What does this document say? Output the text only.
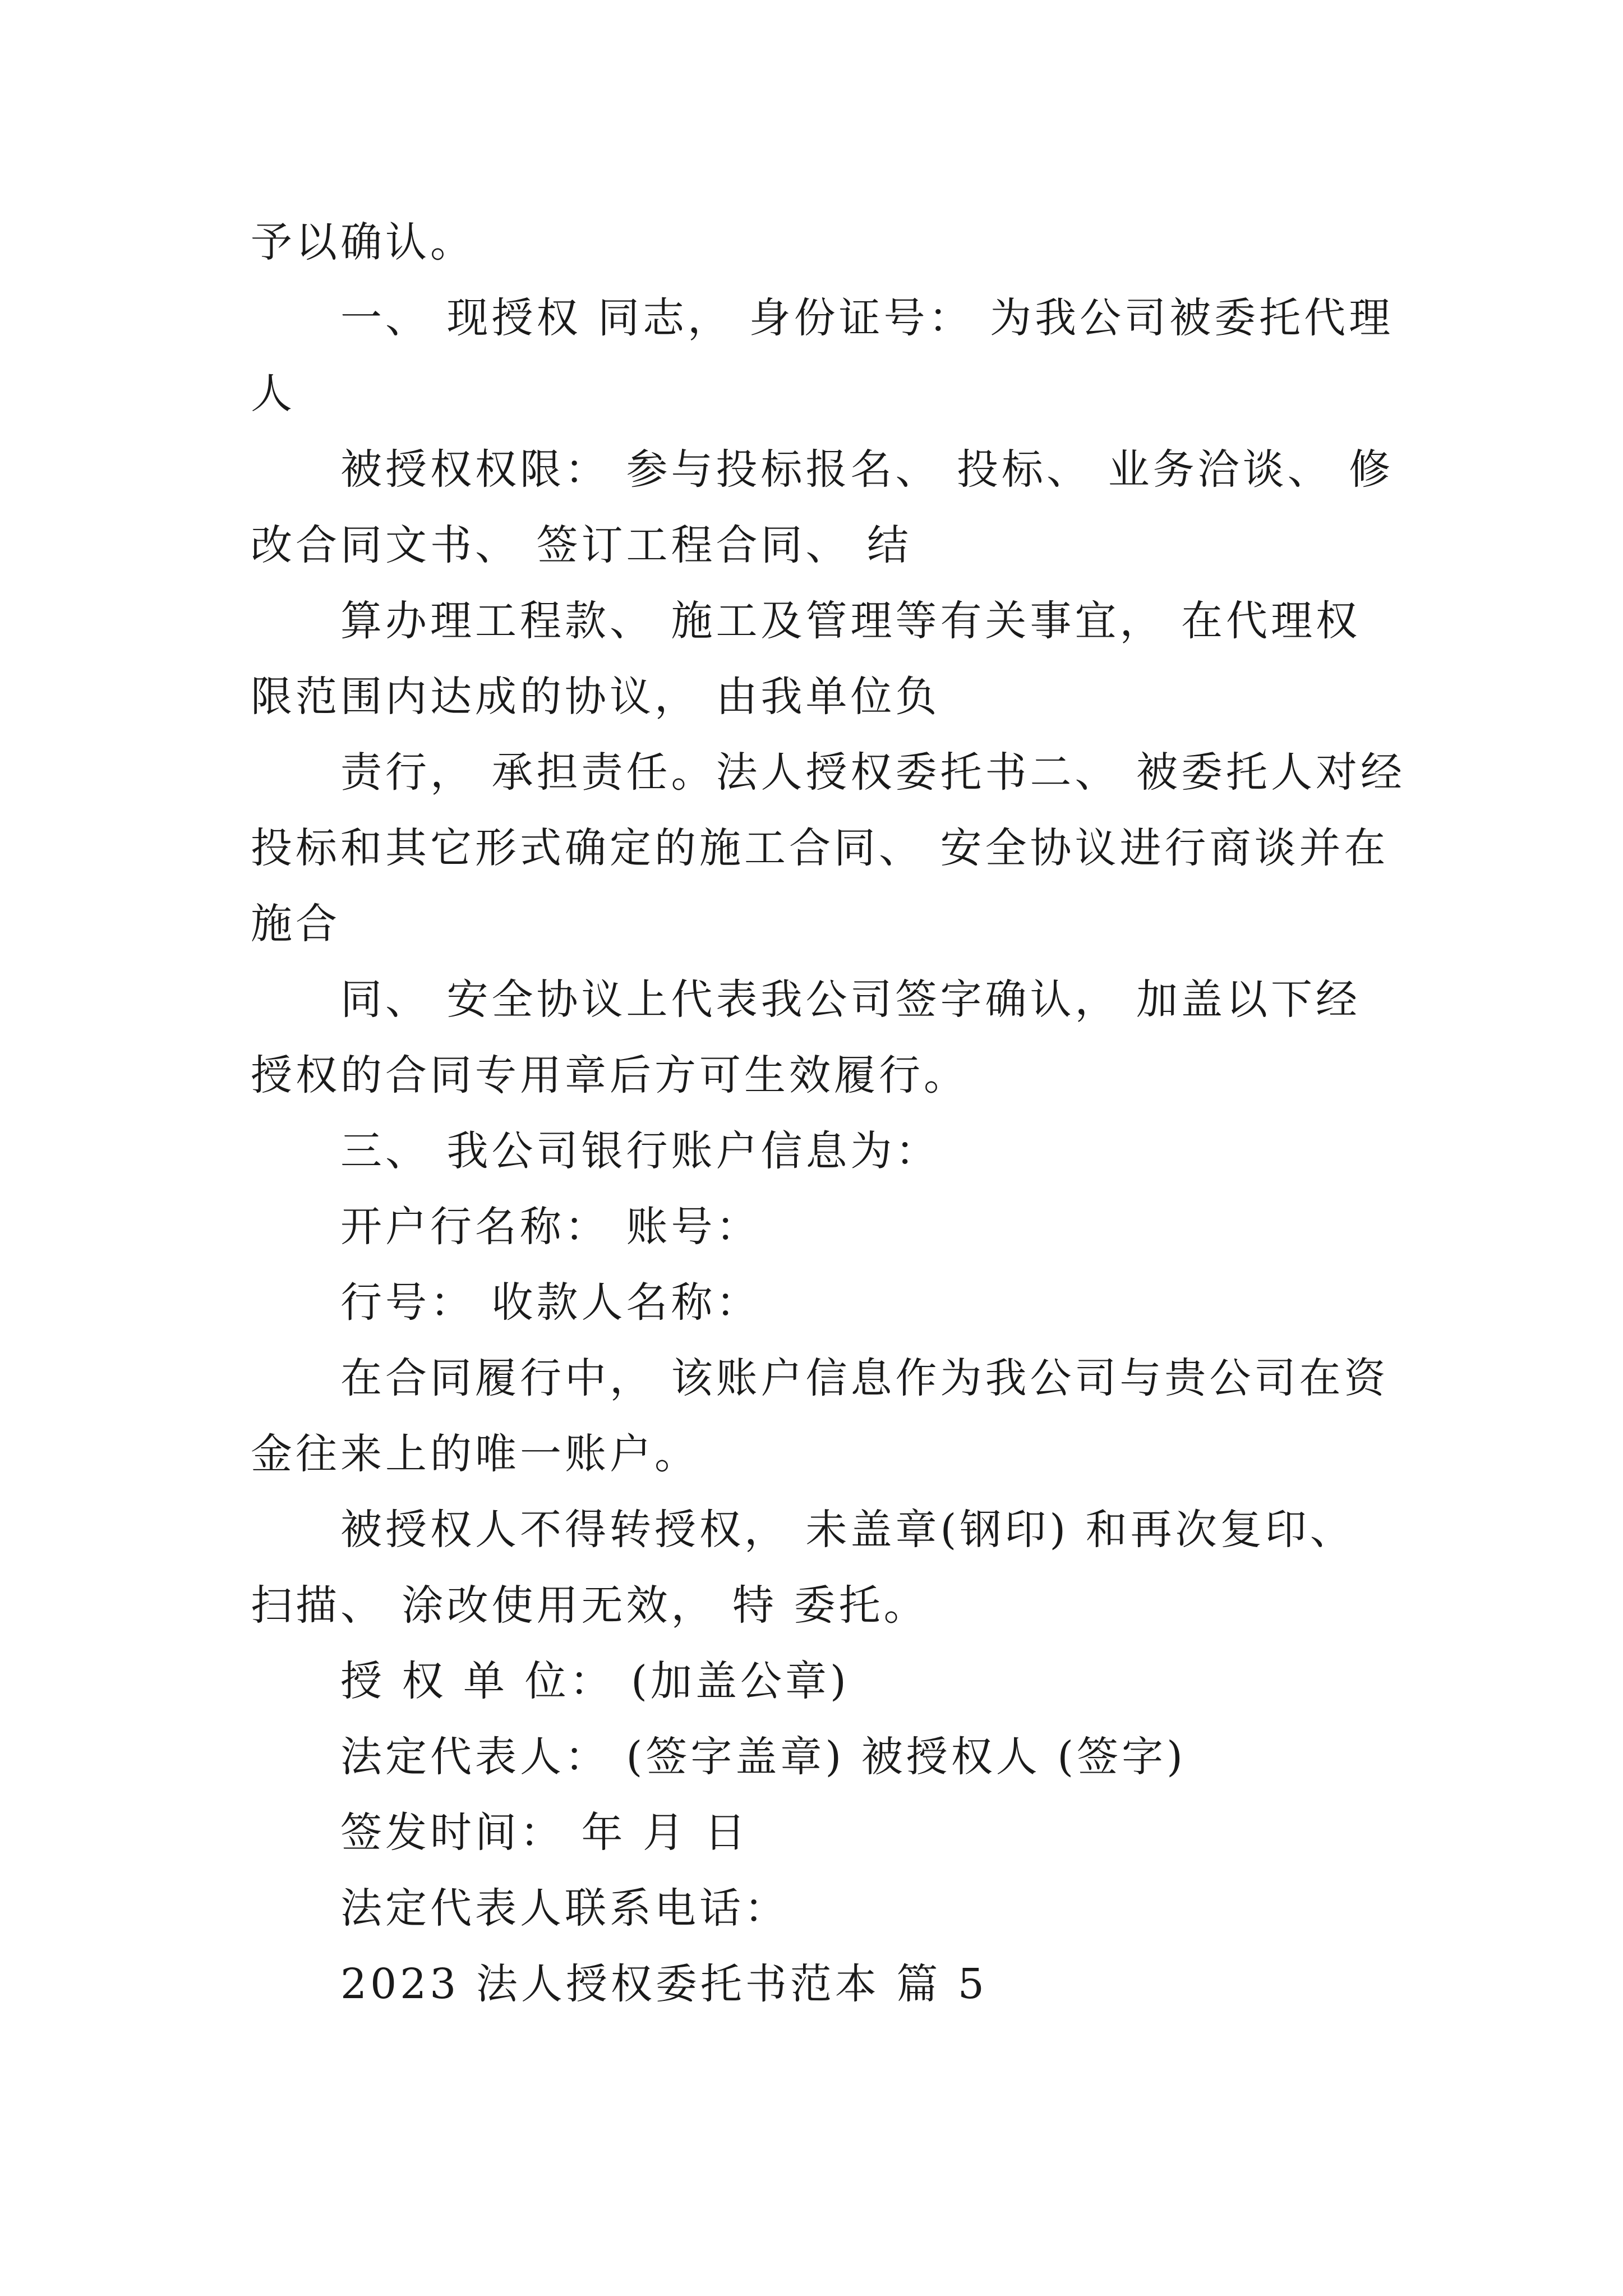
予以确认。
一、 现授权 同志， 身份证号： 为我公司被委托代理
人
被授权权限： 参与投标报名、 投标、 业务洽谈、 修
改合同文书、 签订工程合同、 结
算办理工程款、 施工及管理等有关事宜， 在代理权
限范围内达成的协议， 由我单位负
责行， 承担责任。法人授权委托书二、 被委托人对经
投标和其它形式确定的施工合同、 安全协议进行商谈并在
施合
同、 安全协议上代表我公司签字确认， 加盖以下经
授权的合同专用章后方可生效履行。
三、 我公司银行账户信息为：
开户行名称： 账号：
行号： 收款人名称：
在合同履行中， 该账户信息作为我公司与贵公司在资
金往来上的唯一账户。
被授权人不得转授权， 未盖章(钢印) 和再次复印、
扫描、 涂改使用无效， 特 委托。
授 权 单 位： (加盖公章)
法定代表人： (签字盖章) 被授权人 (签字)
签发时间： 年 月 日
法定代表人联系电话：
2023 法人授权委托书范本 篇 5
